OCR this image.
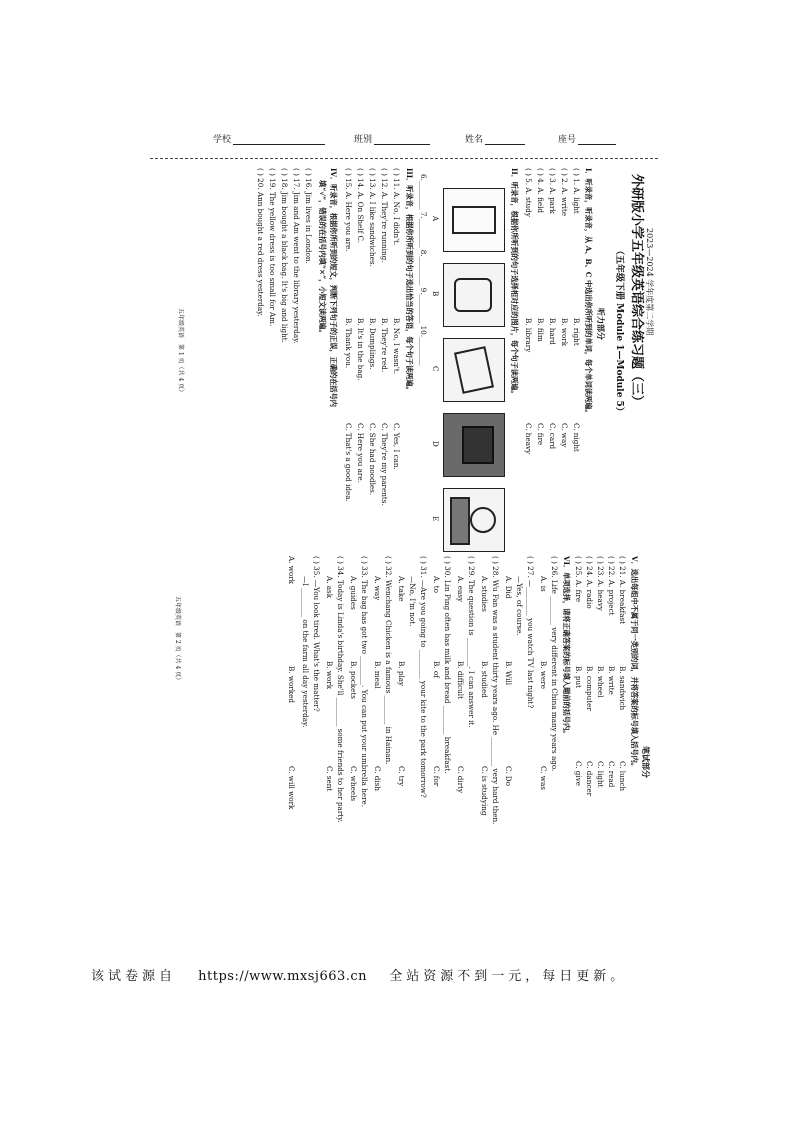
学校	班别	姓名	座号
2023—2024 学年度第二学期
外研版小学五年级英语综合练习题（三）
（五年级下册 Module 1—Module 5）
听力部分
I．听录音，听录音，从 A、B、C 中选出你所听到的单词，每个单词读两遍。
( ) 1. A. light
B. right
C. night
( ) 2. A. write
B. work
C. way
( ) 3. A. park
B. hard
C. card
( ) 4. A. field
B. film
C. fire
( ) 5. A. study
B. library
C. heavy
II．听录音，根据你所听到的句子选择相对应的图片，每个句子读两遍。
A
B
C
D
E
6.________ 7.________ 8.________ 9.________ 10.________
III．听录音，根据你所听到的句子选出恰当的答语，每个句子读两遍。
( ) 11. A. No, I didn't.
B. No, I wasn't.
C. Yes, I can.
( ) 12. A. They're running.
B. They're red.
C. They're my parents.
( ) 13. A. I like sandwiches.
B. Dumplings.
C. She had noodles.
( ) 14. A. On Shelf C.
B. It's in the bag.
C. Here you are.
( ) 15. A. Here you are.
B. Thank you.
C. That's a good idea.
IV．听录音，根据你所听到的短文，判断下列句子的正误，正确的在括号内
填“√”，错误的在括号内填“×”，小短文读两遍。
( ) 16. Jim lives in London.
( ) 17. Jim and Am went to the library yesterday.
( ) 18. Jim bought a black bag. It's big and light.
( ) 19. The yellow dress is too small for Am.
( ) 20. Ann bought a red dress yesterday.
五年级英语　第 1 页（共 4 页）
笔试部分
V．选出每组中不属于同一类别的词，并将答案的标号填入括号内。
( ) 21. A. breakfast
B. sandwich
C. lunch
( ) 22. A. project
B. write
C. read
( ) 23. A. heavy
B. wheel
C. light
( ) 24. A. radio
B. computer
C. dancer
( ) 25. A. fire
B. put
C. give
VI．单项选择，请将正确答案的标号填入题前的括号内。
( ) 26. Life ________ very different in China many years ago.
A. is
B. were
C. was
( ) 27. —________ you watch TV last night?
—Yes, of course.
A. Did
B. Will
C. Do
( ) 28. Wu Fan was a student thirty years ago. He ________ very hard then.
A. studies
B. studied
C. is studying
( ) 29. The question is ________. I can answer it.
A. easy
B. difficult
C. dirty
( ) 30. Lin Ping often has milk and bread ________ breakfast.
A. to
B. of
C. for
( ) 31. —Are you going to ________ your kite to the park tomorrow?
—No, I'm not.
A. take
B. play
C. try
( ) 32. Wenchang Chicken is a famous ________ in Hainan.
A. way
B. meal
C. dish
( ) 33. The bag has got two ________. You can put your umbrella here.
A. guides
B. pockets
C. wheels
( ) 34. Today is Linda's birthday. She'll ________ some friends to her party.
A. ask
B. work
C. sent
( ) 35. —You look tired. What's the matter?
—I ________ on the farm all day yesterday.
A. work
B. worked
C. will work
五年级英语　第 2 页（共 4 页）
该试卷源自 https://www.mxsj663.cn 全站资源不到一元，每日更新。
